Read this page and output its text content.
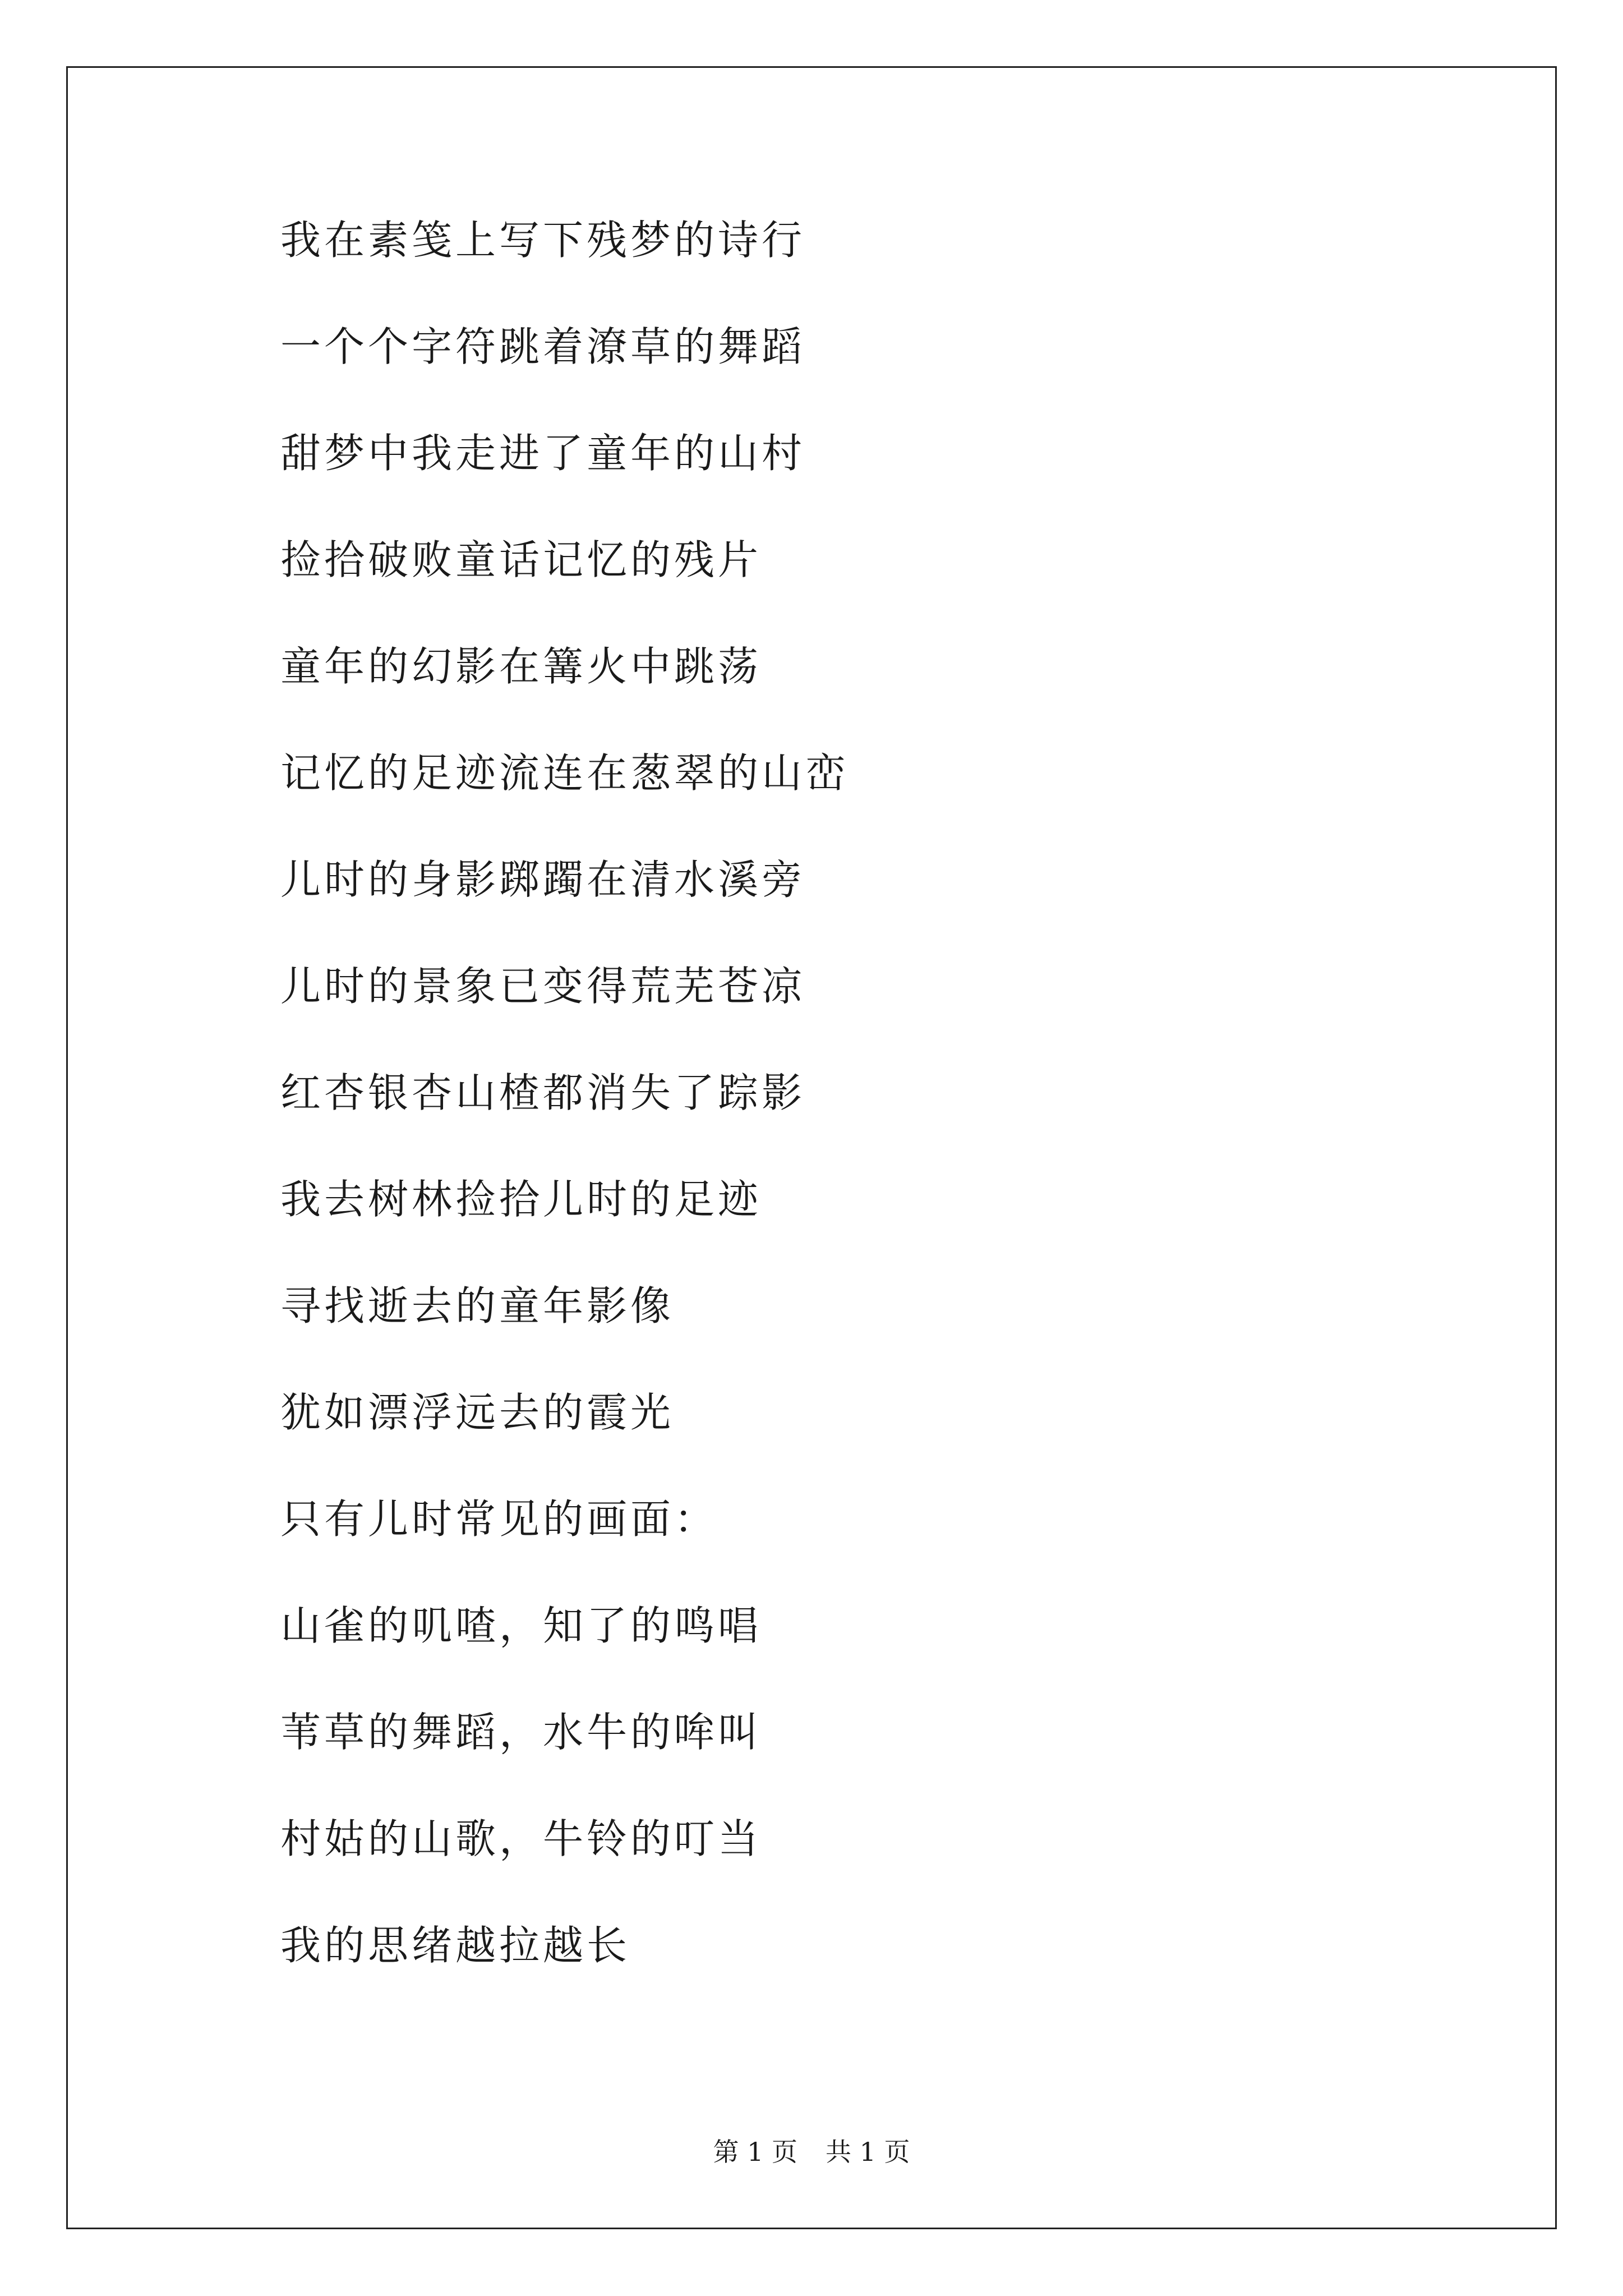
我在素笺上写下残梦的诗行
一个个字符跳着潦草的舞蹈
甜梦中我走进了童年的山村
捡拾破败童话记忆的残片
童年的幻影在篝火中跳荡
记忆的足迹流连在葱翠的山峦
儿时的身影踯躅在清水溪旁
儿时的景象已变得荒芜苍凉
红杏银杏山楂都消失了踪影
我去树林捡拾儿时的足迹
寻找逝去的童年影像
犹如漂浮远去的霞光
只有儿时常见的画面：
山雀的叽喳，知了的鸣唱
苇草的舞蹈，水牛的哞叫
村姑的山歌，牛铃的叮当
我的思绪越拉越长
第 1 页 共 1 页
